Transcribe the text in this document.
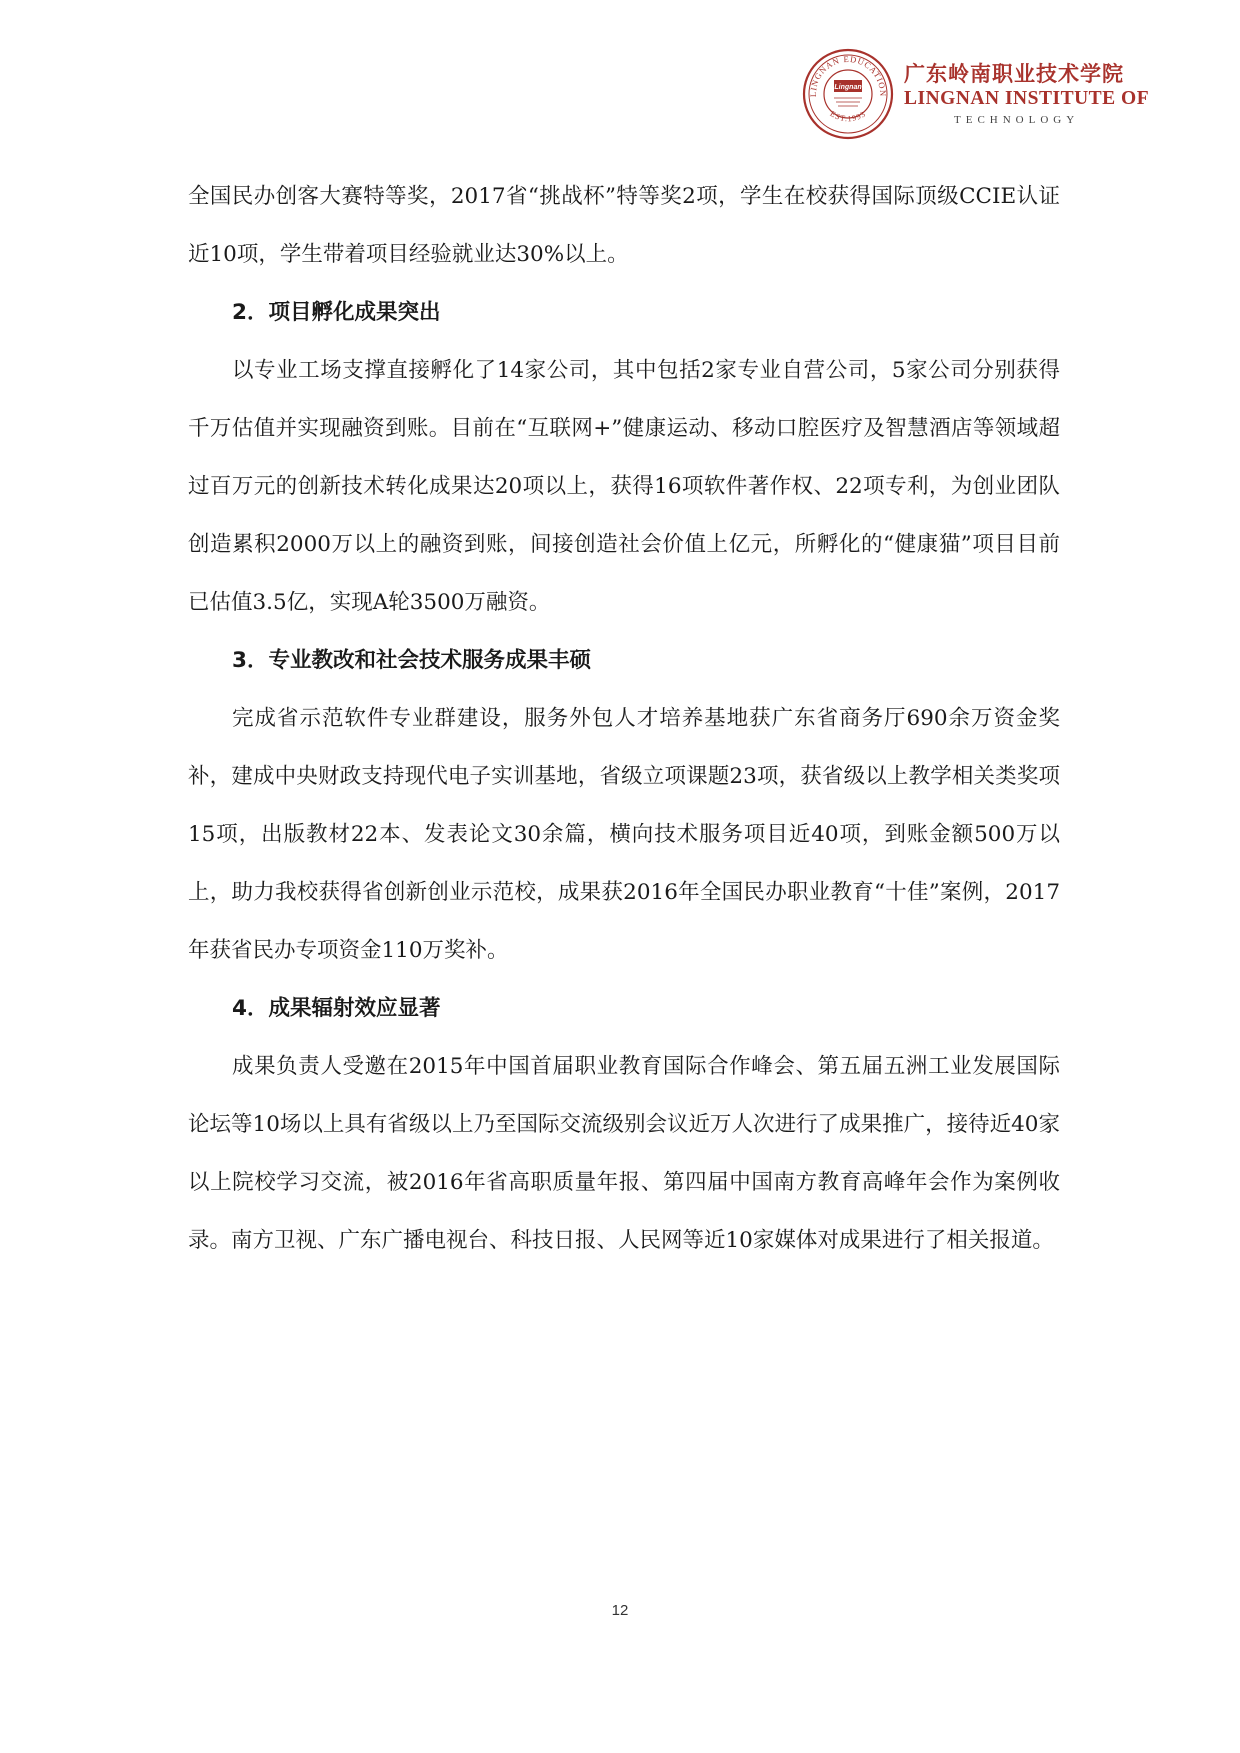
LINGNAN EDUCATION
EST.1993
Lingnan
广东岭南职业技术学院
LINGNAN INSTITUTE OF
TECHNOLOGY

全国民办创客大赛特等奖，2017省“挑战杯”特等奖2项，学生在校获得国际顶级CCIE认证近10项，学生带着项目经验就业达30%以上。

2．项目孵化成果突出

以专业工场支撑直接孵化了14家公司，其中包括2家专业自营公司，5家公司分别获得千万估值并实现融资到账。目前在“互联网+”健康运动、移动口腔医疗及智慧酒店等领域超过百万元的创新技术转化成果达20项以上，获得16项软件著作权、22项专利，为创业团队创造累积2000万以上的融资到账，间接创造社会价值上亿元，所孵化的“健康猫”项目目前已估值3.5亿，实现A轮3500万融资。

3．专业教改和社会技术服务成果丰硕

完成省示范软件专业群建设，服务外包人才培养基地获广东省商务厅690余万资金奖补，建成中央财政支持现代电子实训基地，省级立项课题23项，获省级以上教学相关类奖项15项，出版教材22本、发表论文30余篇，横向技术服务项目近40项，到账金额500万以上，助力我校获得省创新创业示范校，成果获2016年全国民办职业教育“十佳”案例，2017年获省民办专项资金110万奖补。

4．成果辐射效应显著

成果负责人受邀在2015年中国首届职业教育国际合作峰会、第五届五洲工业发展国际论坛等10场以上具有省级以上乃至国际交流级别会议近万人次进行了成果推广，接待近40家以上院校学习交流，被2016年省高职质量年报、第四届中国南方教育高峰年会作为案例收录。南方卫视、广东广播电视台、科技日报、人民网等近10家媒体对成果进行了相关报道。

12
